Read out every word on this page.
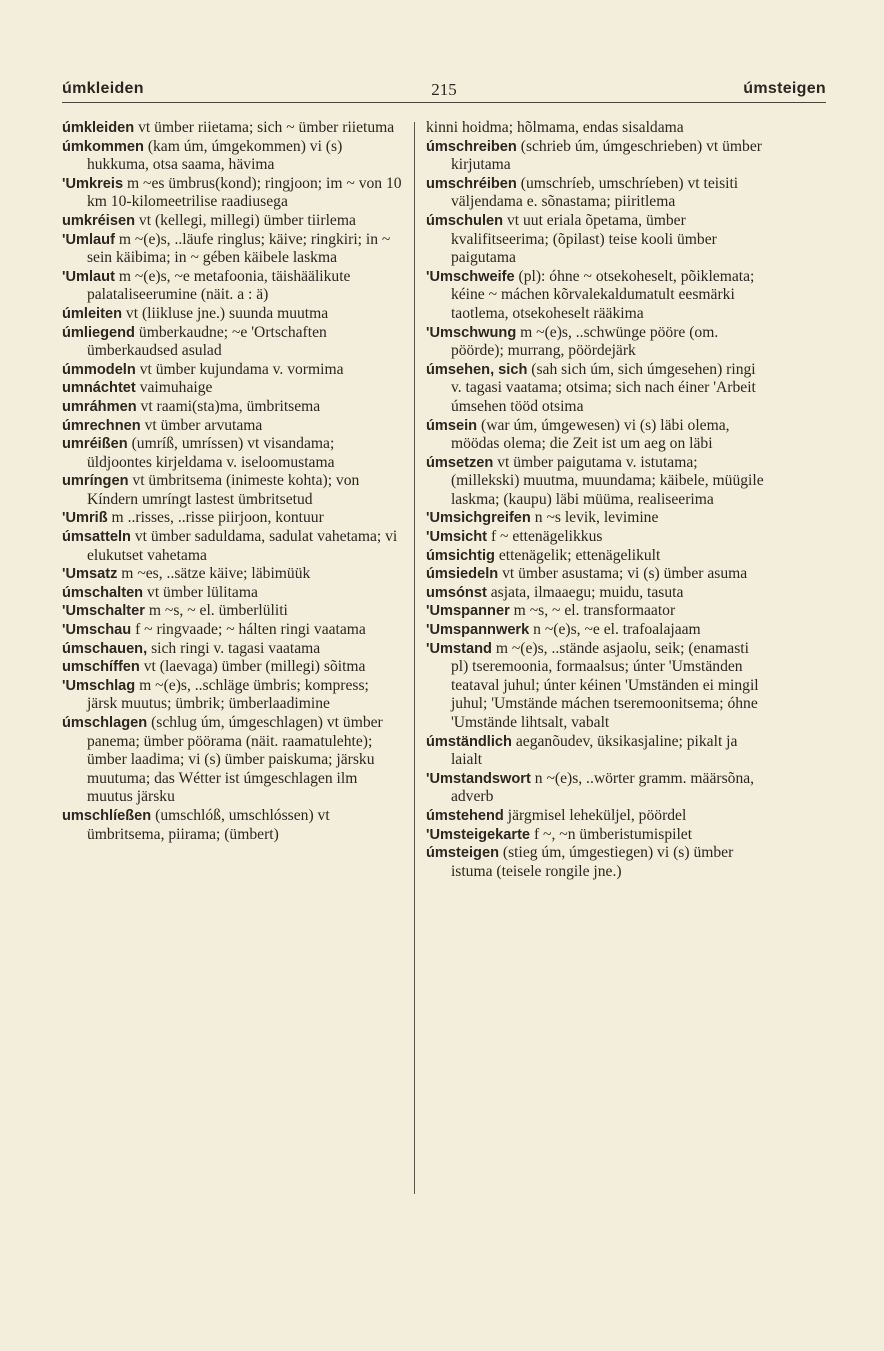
úmkleiden	215	úmsteigen

úmkleiden vt ümber riietama; sich ~ ümber riietuma

úmkommen (kam úm, úmgekommen) vi (s) hukkuma, otsa saama, hävima

'Umkreis m ~es ümbrus(kond); ringjoon; im ~ von 10 km 10-kilomeetrilise raadiusega

umkréisen vt (kellegi, millegi) ümber tiirlema

'Umlauf m ~(e)s, ..läufe ringlus; käive; ringkiri; in ~ sein käibima; in ~ gében käibele laskma

'Umlaut m ~(e)s, ~e metafoonia, täishäälikute palataliseerumine (näit. a : ä)

úmleiten vt (liikluse jne.) suunda muutma

úmliegend ümberkaudne; ~e 'Ortschaften ümberkaudsed asulad

úmmodeln vt ümber kujundama v. vormima

umnáchtet vaimuhaige

umráhmen vt raami(sta)ma, ümbritsema

úmrechnen vt ümber arvutama

umréißen (umríß, umríssen) vt visandama; üldjoontes kirjeldama v. iseloomustama

umríngen vt ümbritsema (inimeste kohta); von Kíndern umríngt lastest ümbritsetud

'Umriß m ..risses, ..risse piirjoon, kontuur

úmsatteln vt ümber saduldama, sadulat vahetama; vi elukutset vahetama

'Umsatz m ~es, ..sätze käive; läbimüük

úmschalten vt ümber lülitama

'Umschalter m ~s, ~ el. ümberlüliti

'Umschau f ~ ringvaade; ~ hálten ringi vaatama

úmschauen, sich ringi v. tagasi vaatama

umschíffen vt (laevaga) ümber (millegi) sõitma

'Umschlag m ~(e)s, ..schläge ümbris; kompress; järsk muutus; ümbrik; ümberlaadimine

úmschlagen (schlug úm, úmgeschlagen) vt ümber panema; ümber pöörama (näit. raamatulehte); ümber laadima; vi (s) ümber paiskuma; järsku muutuma; das Wétter ist úmgeschlagen ilm muutus järsku

umschlíeßen (umschlóß, umschlóssen) vt ümbritsema, piirama; (ümbert)

kinni hoidma; hõlmama, endas sisaldama

úmschreiben (schrieb úm, úmgeschrieben) vt ümber kirjutama

umschréiben (umschríeb, umschríeben) vt teisiti väljendama e. sõnastama; piiritlema

úmschulen vt uut eriala õpetama, ümber kvalifitseerima; (õpilast) teise kooli ümber paigutama

'Umschweife (pl): óhne ~ otsekoheselt, põiklemata; kéine ~ máchen kõrvalekaldumatult eesmärki taotlema, otsekoheselt rääkima

'Umschwung m ~(e)s, ..schwünge pööre (om. pöörde); murrang, pöördejärk

úmsehen, sich (sah sich úm, sich úmgesehen) ringi v. tagasi vaatama; otsima; sich nach éiner 'Arbeit úmsehen tööd otsima

úmsein (war úm, úmgewesen) vi (s) läbi olema, möödas olema; die Zeit ist um aeg on läbi

úmsetzen vt ümber paigutama v. istutama; (millekski) muutma, muundama; käibele, müügile laskma; (kaupu) läbi müüma, realiseerima

'Umsichgreifen n ~s levik, levimine

'Umsicht f ~ ettenägelikkus

úmsichtig ettenägelik; ettenägelikult

úmsiedeln vt ümber asustama; vi (s) ümber asuma

umsónst asjata, ilmaaegu; muidu, tasuta

'Umspanner m ~s, ~ el. transformaator

'Umspannwerk n ~(e)s, ~e el. trafoalajaam

'Umstand m ~(e)s, ..stände asjaolu, seik; (enamasti pl) tseremoonia, formaalsus; únter 'Umständen teataval juhul; únter kéinen 'Umständen ei mingil juhul; 'Umstände máchen tseremoonitsema; óhne 'Umstände lihtsalt, vabalt

úmständlich aeganõudev, üksikasjaline; pikalt ja laialt

'Umstandswort n ~(e)s, ..wörter gramm. määrsõna, adverb

úmstehend järgmisel leheküljel, pöördel

'Umsteigekarte f ~, ~n ümberistumispilet

úmsteigen (stieg úm, úmgestiegen) vi (s) ümber istuma (teisele rongile jne.)
